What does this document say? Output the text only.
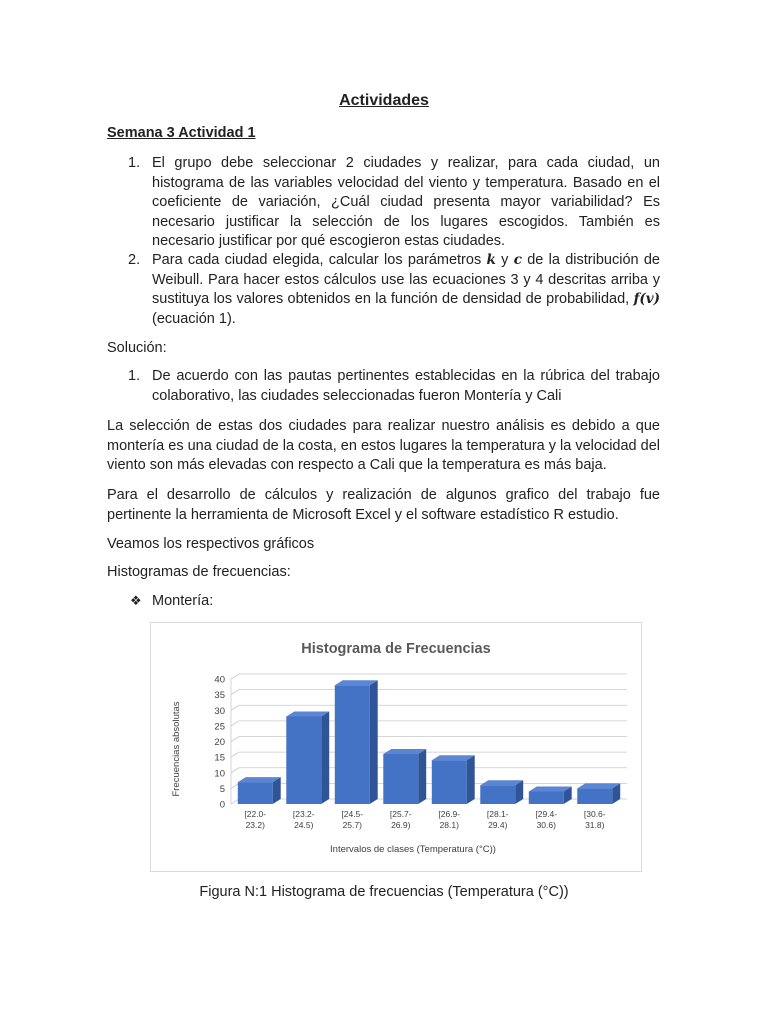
Actividades
Semana 3 Actividad 1
1. El grupo debe seleccionar 2 ciudades y realizar, para cada ciudad, un histograma de las variables velocidad del viento y temperatura. Basado en el coeficiente de variación, ¿Cuál ciudad presenta mayor variabilidad? Es necesario justificar la selección de los lugares escogidos. También es necesario justificar por qué escogieron estas ciudades.
2. Para cada ciudad elegida, calcular los parámetros k y c de la distribución de Weibull. Para hacer estos cálculos use las ecuaciones 3 y 4 descritas arriba y sustituya los valores obtenidos en la función de densidad de probabilidad, f(v) (ecuación 1).
Solución:
1. De acuerdo con las pautas pertinentes establecidas en la rúbrica del trabajo colaborativo, las ciudades seleccionadas fueron Montería y Cali
La selección de estas dos ciudades para realizar nuestro análisis es debido a que montería es una ciudad de la costa, en estos lugares la temperatura y la velocidad del viento son más elevadas con respecto a Cali que la temperatura es más baja.
Para el desarrollo de cálculos y realización de algunos grafico del trabajo fue pertinente la herramienta de Microsoft Excel y el software estadístico R estudio.
Veamos los respectivos gráficos
Histogramas de frecuencias:
❖ Montería:
0
5
10
15
20
25
30
35
40
[22.0-
23.2)
[23.2-
24.5)
[24.5-
25.7)
[25.7-
26.9)
[26.9-
28.1)
[28.1-
29.4)
[29.4-
30.6)
[30.6-
31.8)
Histograma de Frecuencias
Intervalos de clases (Temperatura (°C))
Frecuencias absolutas
Figura N:1 Histograma de frecuencias (Temperatura (°C))
